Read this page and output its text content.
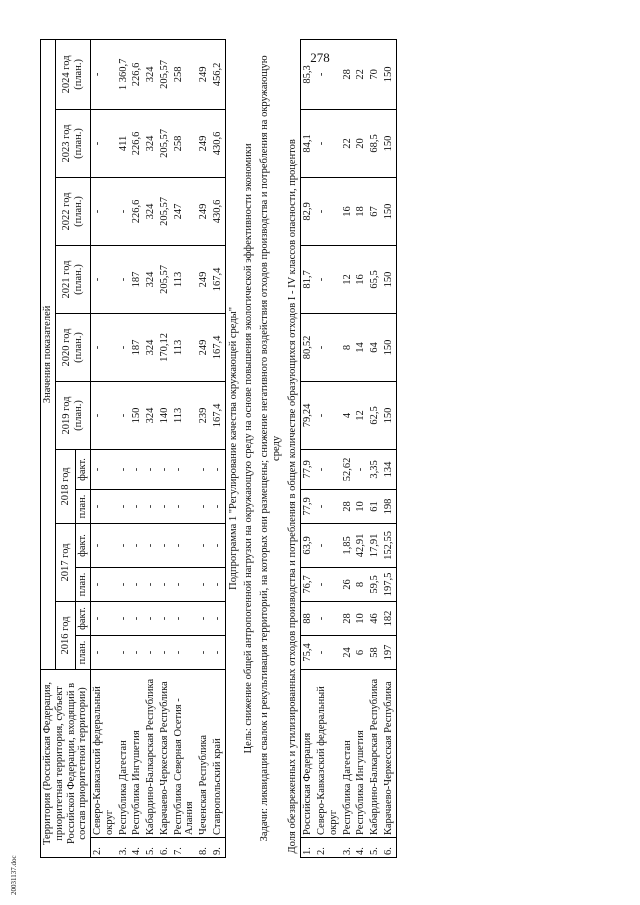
278
20031137.doc
Территория (Российская Федерация, приоритетная территория, субъект Российской Федерации, входящий в состав приоритетной территории)		Значения показателей											
		2016 год		2017 год		2018 год		2019 год (план.)	2020 год (план.)	2021 год (план.)	2022 год (план.)	2023 год (план.)	2024 год (план.)
		план.	факт.	план.	факт.	план.	факт.						
2.	Северо-Кавказский федеральный округ	-	-	-	-	-	-	-	-	-	-	-	-
3.	Республика Дагестан	-	-	-	-	-	-	-	-	-	-	411	1 360,7
4.	Республика Ингушетия	-	-	-	-	-	-	150	187	187	226,6	226,6	226,6
5.	Кабардино-Балкарская Республика	-	-	-	-	-	-	324	324	324	324	324	324
6.	Карачаево-Черкесская Республика	-	-	-	-	-	-	140	170,12	205,57	205,57	205,57	205,57
7.	Республика Северная Осетия - Алания	-	-	-	-	-	-	113	113	113	247	258	258
8.	Чеченская Республика	-	-	-	-	-	-	239	249	249	249	249	249
9.	Ставропольский край	-	-	-	-	-	-	167,4	167,4	167,4	430,6	430,6	456,2
Подпрограмма 1 "Регулирование качества окружающей среды"													
Цель: снижение общей антропогенной нагрузки на окружающую среду на основе повышения экологической эффективности экономики													
Задачи: ликвидация свалок и рекультивация территорий, на которых они размещены; снижение негативного воздействия отходов производства и потребления на окружающую среду													
Доля обезвреженных и утилизированных отходов производства и потребления в общем количестве образующихся отходов I - IV классов опасности, процентов													
1.	Российская Федерация	75,4	88	76,7	63,9	77,9	77,9	79,24	80,52	81,7	82,9	84,1	85,3
2.	Северо-Кавказский федеральный округ	-	-	-	-	-	-	-	-	-	-	-	-
3.	Республика Дагестан	24	28	26	1,85	28	52,62	4	8	12	16	22	28
4.	Республика Ингушетия	6	10	8	42,91	10	-	12	14	16	18	20	22
5.	Кабардино-Балкарская Республика	58	46	59,5	17,91	61	3,35	62,5	64	65,5	67	68,5	70
6.	Карачаево-Черкесская Республика	197	182	197,5	152,55	198	134	150	150	150	150	150	150
